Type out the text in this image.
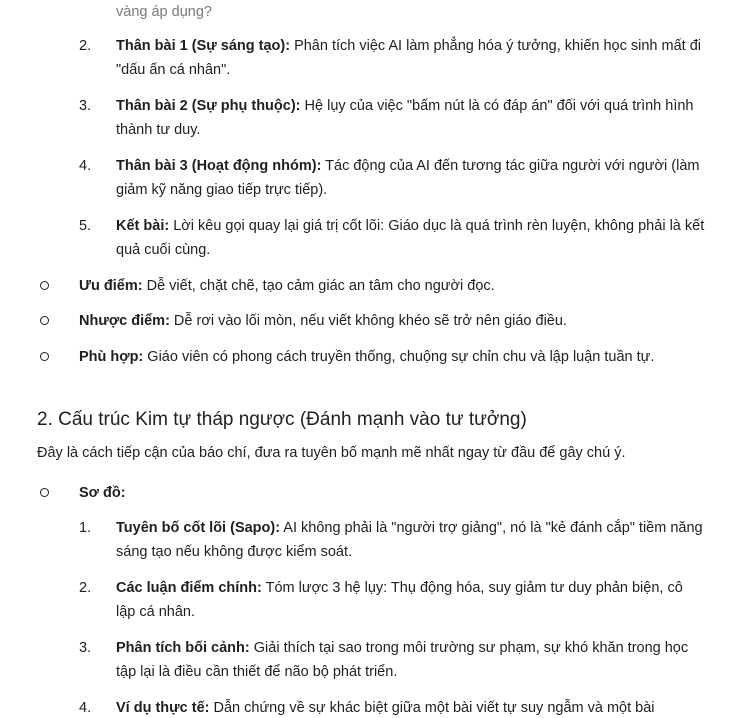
vàng áp dụng?
2.	Thân bài 1 (Sự sáng tạo): Phân tích việc AI làm phẳng hóa ý tưởng, khiến học sinh mất đi "dấu ấn cá nhân".
3.	Thân bài 2 (Sự phụ thuộc): Hệ lụy của việc "bấm nút là có đáp án" đối với quá trình hình thành tư duy.
4.	Thân bài 3 (Hoạt động nhóm): Tác động của AI đến tương tác giữa người với người (làm giảm kỹ năng giao tiếp trực tiếp).
5.	Kết bài: Lời kêu gọi quay lại giá trị cốt lõi: Giáo dục là quá trình rèn luyện, không phải là kết quả cuối cùng.
Ưu điểm: Dễ viết, chặt chẽ, tạo cảm giác an tâm cho người đọc.
Nhược điểm: Dễ rơi vào lối mòn, nếu viết không khéo sẽ trở nên giáo điều.
Phù hợp: Giáo viên có phong cách truyền thống, chuộng sự chỉn chu và lập luận tuần tự.
2. Cấu trúc Kim tự tháp ngược (Đánh mạnh vào tư tưởng)
Đây là cách tiếp cận của báo chí, đưa ra tuyên bố mạnh mẽ nhất ngay từ đầu để gây chú ý.
Sơ đồ:
1.	Tuyên bố cốt lõi (Sapo): AI không phải là "người trợ giảng", nó là "kẻ đánh cắp" tiềm năng sáng tạo nếu không được kiểm soát.
2.	Các luận điểm chính: Tóm lược 3 hệ lụy: Thụ động hóa, suy giảm tư duy phản biện, cô lập cá nhân.
3.	Phân tích bối cảnh: Giải thích tại sao trong môi trường sư phạm, sự khó khăn trong học tập lại là điều cần thiết để não bộ phát triển.
4.	Ví dụ thực tế: Dẫn chứng về sự khác biệt giữa một bài viết tự suy ngẫm và một bài
